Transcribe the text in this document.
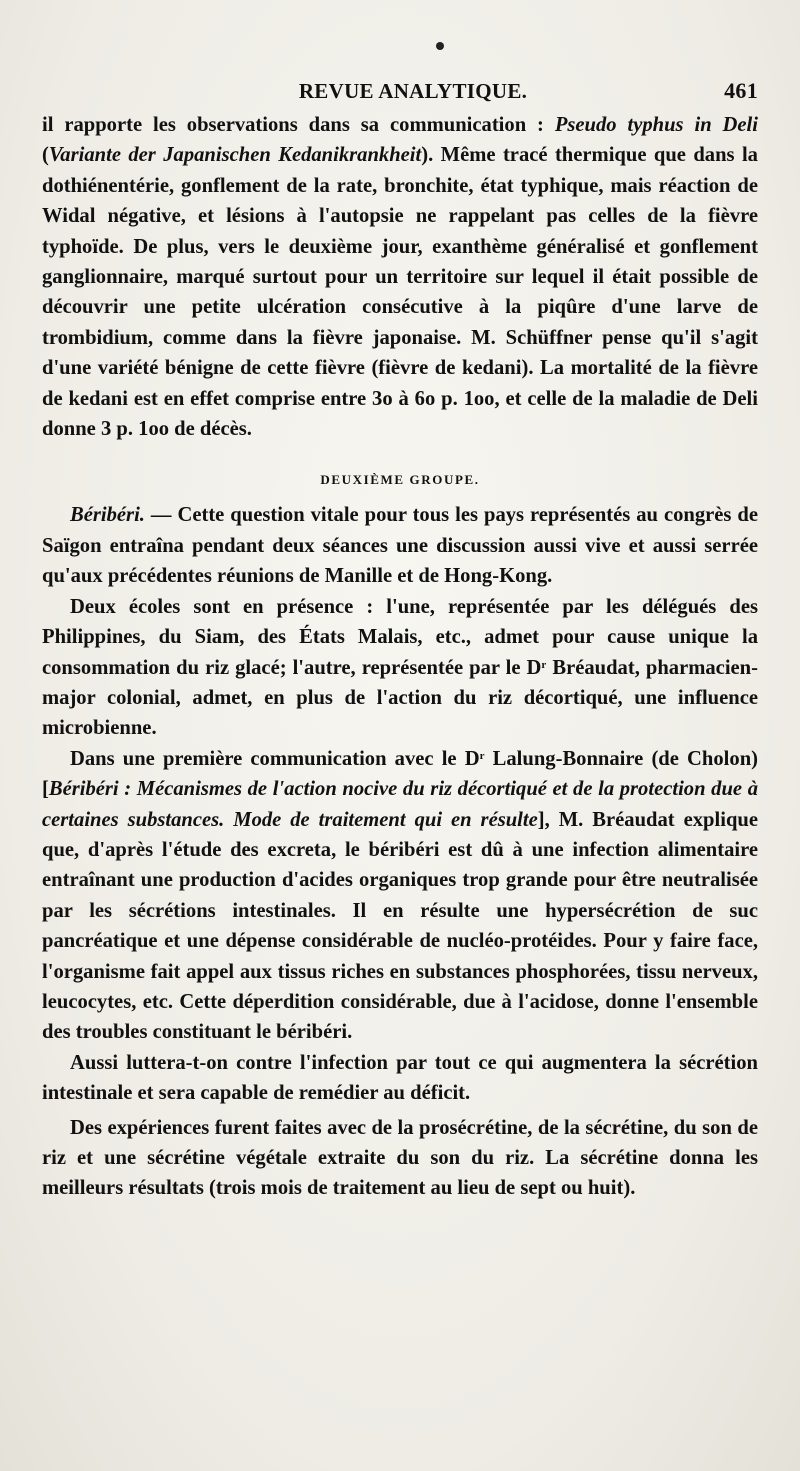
REVUE ANALYTIQUE.	461

il rapporte les observations dans sa communication : Pseudo typhus in Deli (Variante der Japanischen Kedanikrankheit). Même tracé thermique que dans la dothiénentérie, gonflement de la rate, bronchite, état typhique, mais réaction de Widal négative, et lésions à l'autopsie ne rappelant pas celles de la fièvre typhoïde. De plus, vers le deuxième jour, exanthème généralisé et gonflement ganglionnaire, marqué surtout pour un territoire sur lequel il était possible de découvrir une petite ulcération consécutive à la piqûre d'une larve de trombidium, comme dans la fièvre japonaise. M. Schüffner pense qu'il s'agit d'une variété bénigne de cette fièvre (fièvre de kedani). La mortalité de la fièvre de kedani est en effet comprise entre 3o à 6o p. 1oo, et celle de la maladie de Deli donne 3 p. 1oo de décès.

DEUXIÈME GROUPE.

Béribéri. — Cette question vitale pour tous les pays représentés au congrès de Saïgon entraîna pendant deux séances une discussion aussi vive et aussi serrée qu'aux précédentes réunions de Manille et de Hong-Kong.

Deux écoles sont en présence : l'une, représentée par les délégués des Philippines, du Siam, des États Malais, etc., admet pour cause unique la consommation du riz glacé; l'autre, représentée par le $D^r$ Bréaudat, pharmacien-major colonial, admet, en plus de l'action du riz décortiqué, une influence microbienne.

Dans une première communication avec le $D^r$ Lalung-Bonnaire (de Cholon) [Béribéri : Mécanismes de l'action nocive du riz décortiqué et de la protection due à certaines substances. Mode de traitement qui en résulte], M. Bréaudat explique que, d'après l'étude des excreta, le béribéri est dû à une infection alimentaire entraînant une production d'acides organiques trop grande pour être neutralisée par les sécrétions intestinales. Il en résulte une hypersécrétion de suc pancréatique et une dépense considérable de nucléo-protéides. Pour y faire face, l'organisme fait appel aux tissus riches en substances phosphorées, tissu nerveux, leucocytes, etc. Cette déperdition considérable, due à l'acidose, donne l'ensemble des troubles constituant le béribéri.

Aussi luttera-t-on contre l'infection par tout ce qui augmentera la sécrétion intestinale et sera capable de remédier au déficit.

Des expériences furent faites avec de la prosécrétine, de la sécrétine, du son de riz et une sécrétine végétale extraite du son du riz. La sécrétine donna les meilleurs résultats (trois mois de traitement au lieu de sept ou huit).
